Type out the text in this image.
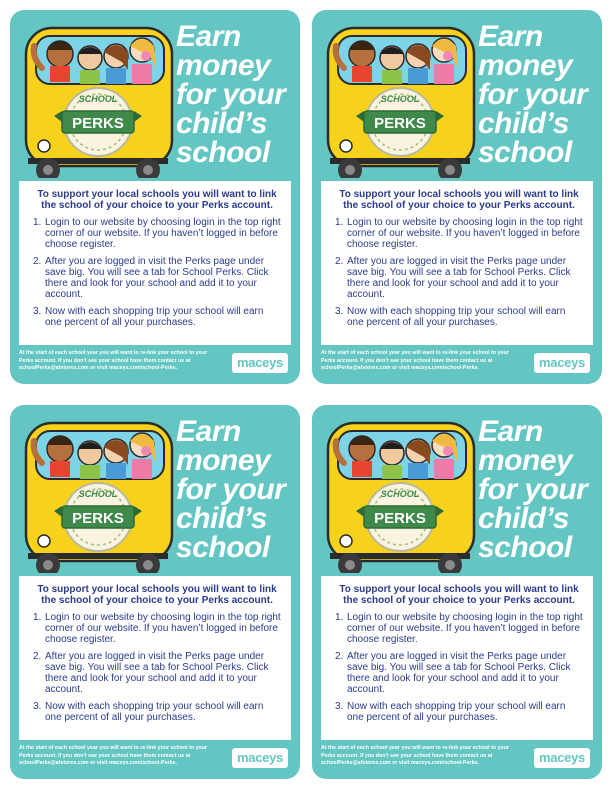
SCHOOL
PERKS
Earn
money
for your
child’s
school

To support your local schools you will want to link the school of your choice to your Perks account.

1. Login to our website by choosing login in the top right corner of our website. If you haven’t logged in before choose register.
2. After you are logged in visit the Perks page under save big. You will see a tab for School Perks. Click there and look for your school and add it to your account.
3. Now with each shopping trip your school will earn one percent of all your purchases.
At the start of each school year you will want to re-link your school to your Perks account. If you don’t see your school have them contact us at schoolPerks@afstores.com or visit maceys.com/school-Perks.	maceys
SCHOOL
PERKS
Earn
money
for your
child’s
school

To support your local schools you will want to link the school of your choice to your Perks account.

1. Login to our website by choosing login in the top right corner of our website. If you haven’t logged in before choose register.
2. After you are logged in visit the Perks page under save big. You will see a tab for School Perks. Click there and look for your school and add it to your account.
3. Now with each shopping trip your school will earn one percent of all your purchases.
At the start of each school year you will want to re-link your school to your Perks account. If you don’t see your school have them contact us at schoolPerks@afstores.com or visit maceys.com/school-Perks.	maceys
SCHOOL
PERKS
Earn
money
for your
child’s
school

To support your local schools you will want to link the school of your choice to your Perks account.

1. Login to our website by choosing login in the top right corner of our website. If you haven’t logged in before choose register.
2. After you are logged in visit the Perks page under save big. You will see a tab for School Perks. Click there and look for your school and add it to your account.
3. Now with each shopping trip your school will earn one percent of all your purchases.
At the start of each school year you will want to re-link your school to your Perks account. If you don’t see your school have them contact us at schoolPerks@afstores.com or visit maceys.com/school-Perks.	maceys
SCHOOL
PERKS
Earn
money
for your
child’s
school

To support your local schools you will want to link the school of your choice to your Perks account.

1. Login to our website by choosing login in the top right corner of our website. If you haven’t logged in before choose register.
2. After you are logged in visit the Perks page under save big. You will see a tab for School Perks. Click there and look for your school and add it to your account.
3. Now with each shopping trip your school will earn one percent of all your purchases.
At the start of each school year you will want to re-link your school to your Perks account. If you don’t see your school have them contact us at schoolPerks@afstores.com or visit maceys.com/school-Perks.	maceys
